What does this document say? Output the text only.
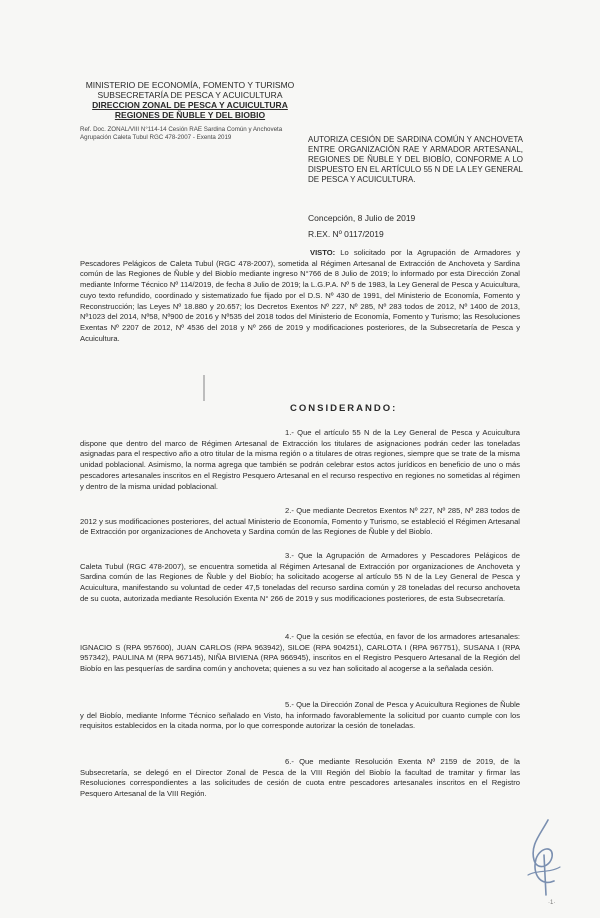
MINISTERIO DE ECONOMÍA, FOMENTO Y TURISMO
SUBSECRETARÍA DE PESCA Y ACUICULTURA
DIRECCION ZONAL DE PESCA Y ACUICULTURA
REGIONES DE ÑUBLE Y DEL BIOBIO
Ref. Doc. ZONAL/VIII N°114-14 Cesión RAE Sardina Común y Anchoveta Agrupación Caleta Tubul RGC 478-2007 - Exenta 2019	AUTORIZA CESIÓN DE SARDINA COMÚN Y ANCHOVETA ENTRE ORGANIZACIÓN RAE Y ARMADOR ARTESANAL, REGIONES DE ÑUBLE Y DEL BIOBÍO, CONFORME A LO DISPUESTO EN EL ARTÍCULO 55 N DE LA LEY GENERAL DE PESCA Y ACUICULTURA.
Concepción, 8 Julio de 2019
R.EX. Nº 0117/2019
VISTO: Lo solicitado por la Agrupación de Armadores y Pescadores Pelágicos de Caleta Tubul (RGC 478-2007), sometida al Régimen Artesanal de Extracción de Anchoveta y Sardina común de las Regiones de Ñuble y del Biobío mediante ingreso N°766 de 8 Julio de 2019; lo informado por esta Dirección Zonal mediante Informe Técnico Nº 114/2019, de fecha 8 Julio de 2019; la L.G.P.A. Nº 5 de 1983, la Ley General de Pesca y Acuicultura, cuyo texto refundido, coordinado y sistematizado fue fijado por el D.S. Nº 430 de 1991, del Ministerio de Economía, Fomento y Reconstrucción; las Leyes Nº 18.880 y 20.657; los Decretos Exentos Nº 227, Nº 285, Nº 283 todos de 2012, Nº 1400 de 2013, Nº1023 del 2014, Nº58, Nº900 de 2016 y Nº535 del 2018 todos del Ministerio de Economía, Fomento y Turismo; las Resoluciones Exentas Nº 2207 de 2012, Nº 4536 del 2018 y Nº 266 de 2019 y modificaciones posteriores, de la Subsecretaría de Pesca y Acuicultura.
CONSIDERANDO:
1.- Que el artículo 55 N de la Ley General de Pesca y Acuicultura dispone que dentro del marco de Régimen Artesanal de Extracción los titulares de asignaciones podrán ceder las toneladas asignadas para el respectivo año a otro titular de la misma región o a titulares de otras regiones, siempre que se trate de la misma unidad poblacional. Asimismo, la norma agrega que también se podrán celebrar estos actos jurídicos en beneficio de uno o más pescadores artesanales inscritos en el Registro Pesquero Artesanal en el recurso respectivo en regiones no sometidas al régimen y dentro de la misma unidad poblacional.
2.- Que mediante Decretos Exentos Nº 227, Nº 285, Nº 283 todos de 2012 y sus modificaciones posteriores, del actual Ministerio de Economía, Fomento y Turismo, se estableció el Régimen Artesanal de Extracción por organizaciones de Anchoveta y Sardina común de las Regiones de Ñuble y del Biobío.
3.- Que la Agrupación de Armadores y Pescadores Pelágicos de Caleta Tubul (RGC 478-2007), se encuentra sometida al Régimen Artesanal de Extracción por organizaciones de Anchoveta y Sardina común de las Regiones de Ñuble y del Biobío; ha solicitado acogerse al artículo 55 N de la Ley General de Pesca y Acuicultura, manifestando su voluntad de ceder 47,5 toneladas del recurso sardina común y 28 toneladas del recurso anchoveta de su cuota, autorizada mediante Resolución Exenta N° 266 de 2019 y sus modificaciones posteriores, de esta Subsecretaría.
4.- Que la cesión se efectúa, en favor de los armadores artesanales: IGNACIO S (RPA 957600), JUAN CARLOS (RPA 963942), SILOE (RPA 904251), CARLOTA I (RPA 967751), SUSANA I (RPA 957342), PAULINA M (RPA 967145), NIÑA BIVIENA (RPA 966945), inscritos en el Registro Pesquero Artesanal de la Región del Biobío en las pesquerías de sardina común y anchoveta; quienes a su vez han solicitado al acogerse a la señalada cesión.
5.- Que la Dirección Zonal de Pesca y Acuicultura Regiones de Ñuble y del Biobío, mediante Informe Técnico señalado en Visto, ha informado favorablemente la solicitud por cuanto cumple con los requisitos establecidos en la citada norma, por lo que corresponde autorizar la cesión de toneladas.
6.- Que mediante Resolución Exenta Nº 2159 de 2019, de la Subsecretaría, se delegó en el Director Zonal de Pesca de la VIII Región del Biobío la facultad de tramitar y firmar las Resoluciones correspondientes a las solicitudes de cesión de cuota entre pescadores artesanales inscritos en el Registro Pesquero Artesanal de la VIII Región.
·1·
